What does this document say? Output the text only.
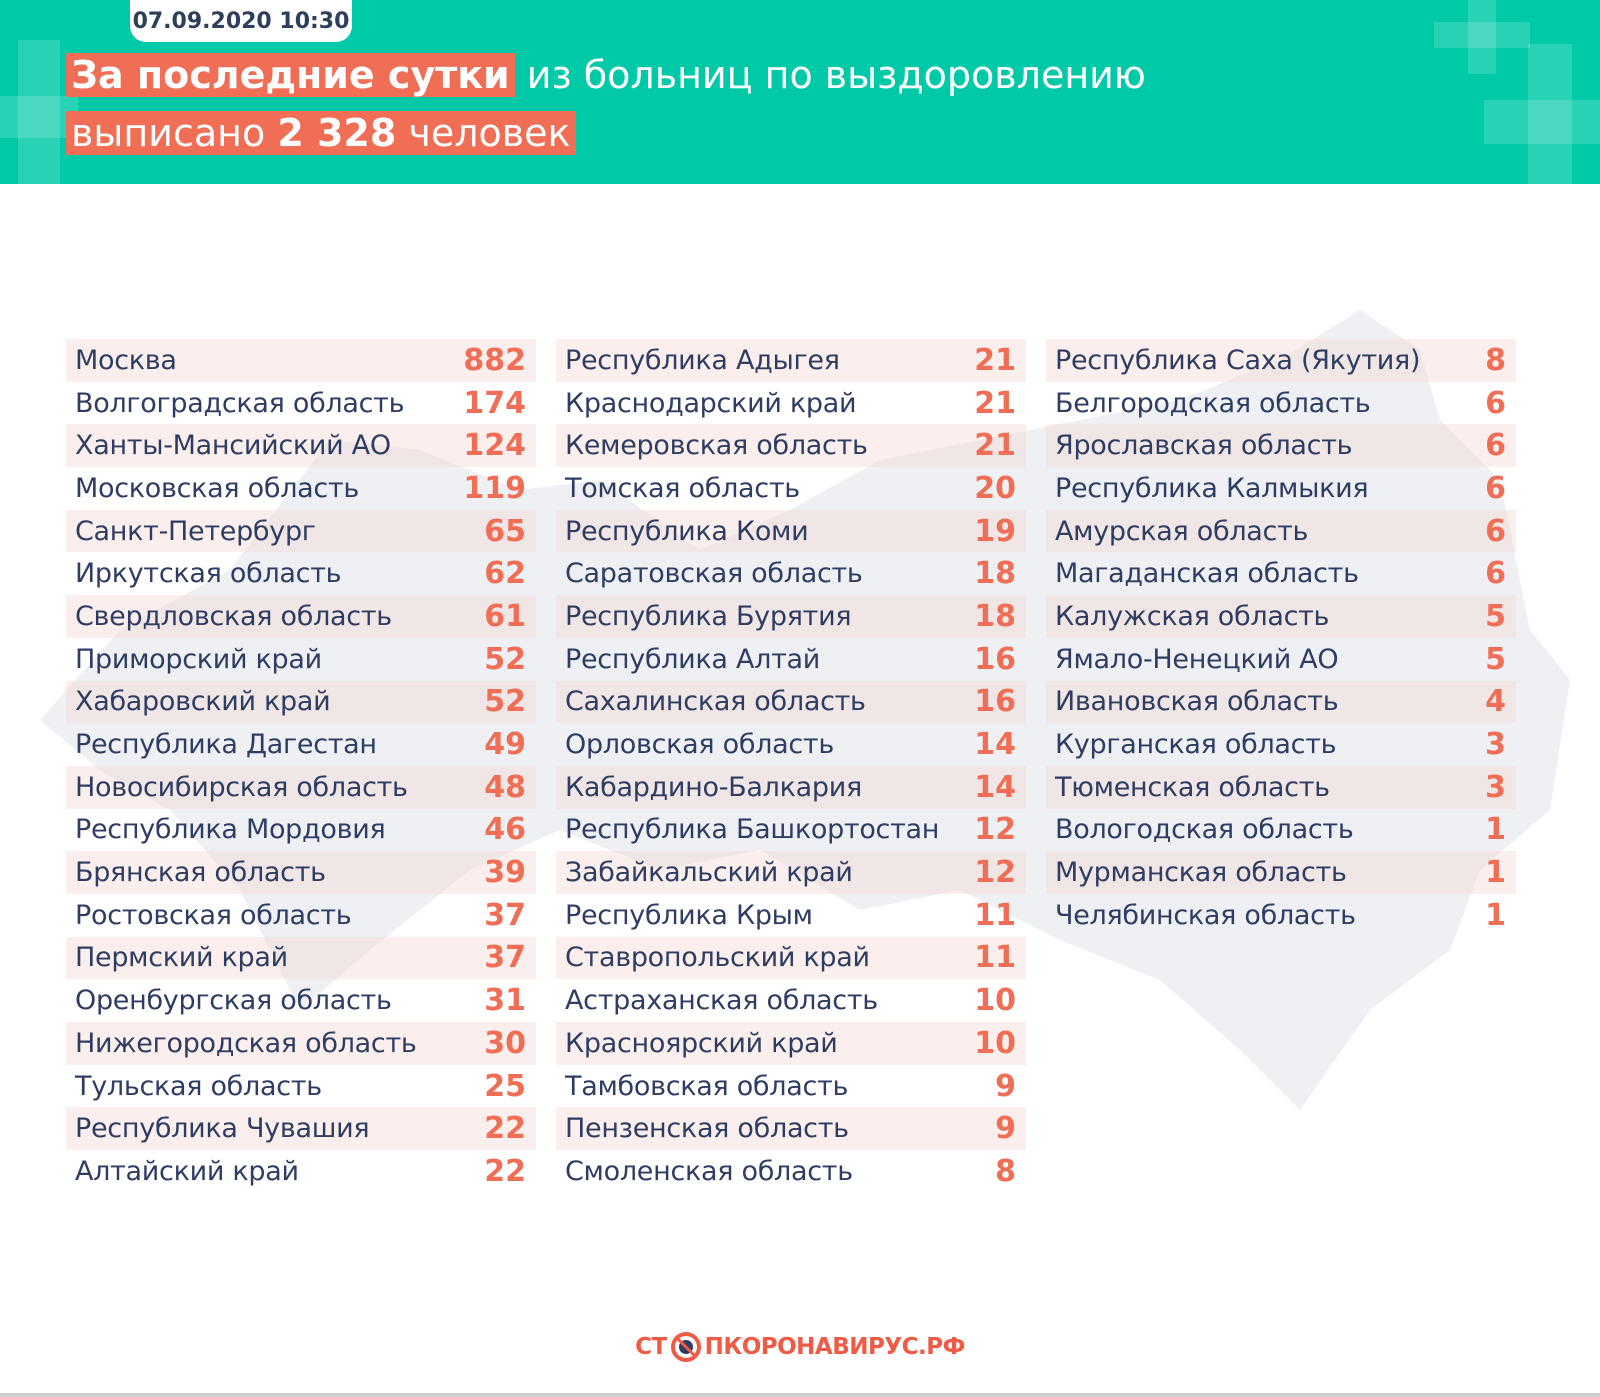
07.09.2020 10:30
За последние сутки из больниц по выздоровлению
выписано 2 328 человек
Москва	882
Волгоградская область 174
Ханты-Мансийский АО 124
Московская область	119
Санкт-Петербург	65
Иркутская область	62
Свердловская область	61
Приморский край	52
Хабаровский край	52
Республика Дагестан	49
Новосибирская область	48
Республика Мордовия	46
Брянская область	39
Ростовская область	37
Пермский край	37
Оренбургская область	31
Нижегородская область 30
Тульская область	25
Республика Чувашия	22
Алтайский край	22
Республика Адыгея	21
Краснодарский край	21
Кемеровская область	21
Томская область	20
Республика Коми	19
Саратовская область	18
Республика Бурятия	18
Республика Алтай	16
Сахалинская область	16
Орловская область	14
Кабардино-Балкария	14
Республика Башкортостан 12
Забайкальский край	12
Республика Крым	11
Ставропольский край	11
Астраханская область	10
Красноярский край	10
Тамбовская область	9
Пензенская область	9
Смоленская область	8
Республика Саха (Якутия) 8
Белгородская область	6
Ярославская область	6
Республика Калмыкия	6
Амурская область	6
Магаданская область	6
Калужская область	5
Ямало-Ненецкий АО	5
Ивановская область	4
Курганская область	3
Тюменская область	3
Вологодская область	1
Мурманская область	1
Челябинская область	1
СТ ПКОРОНАВИРУС.РФ
